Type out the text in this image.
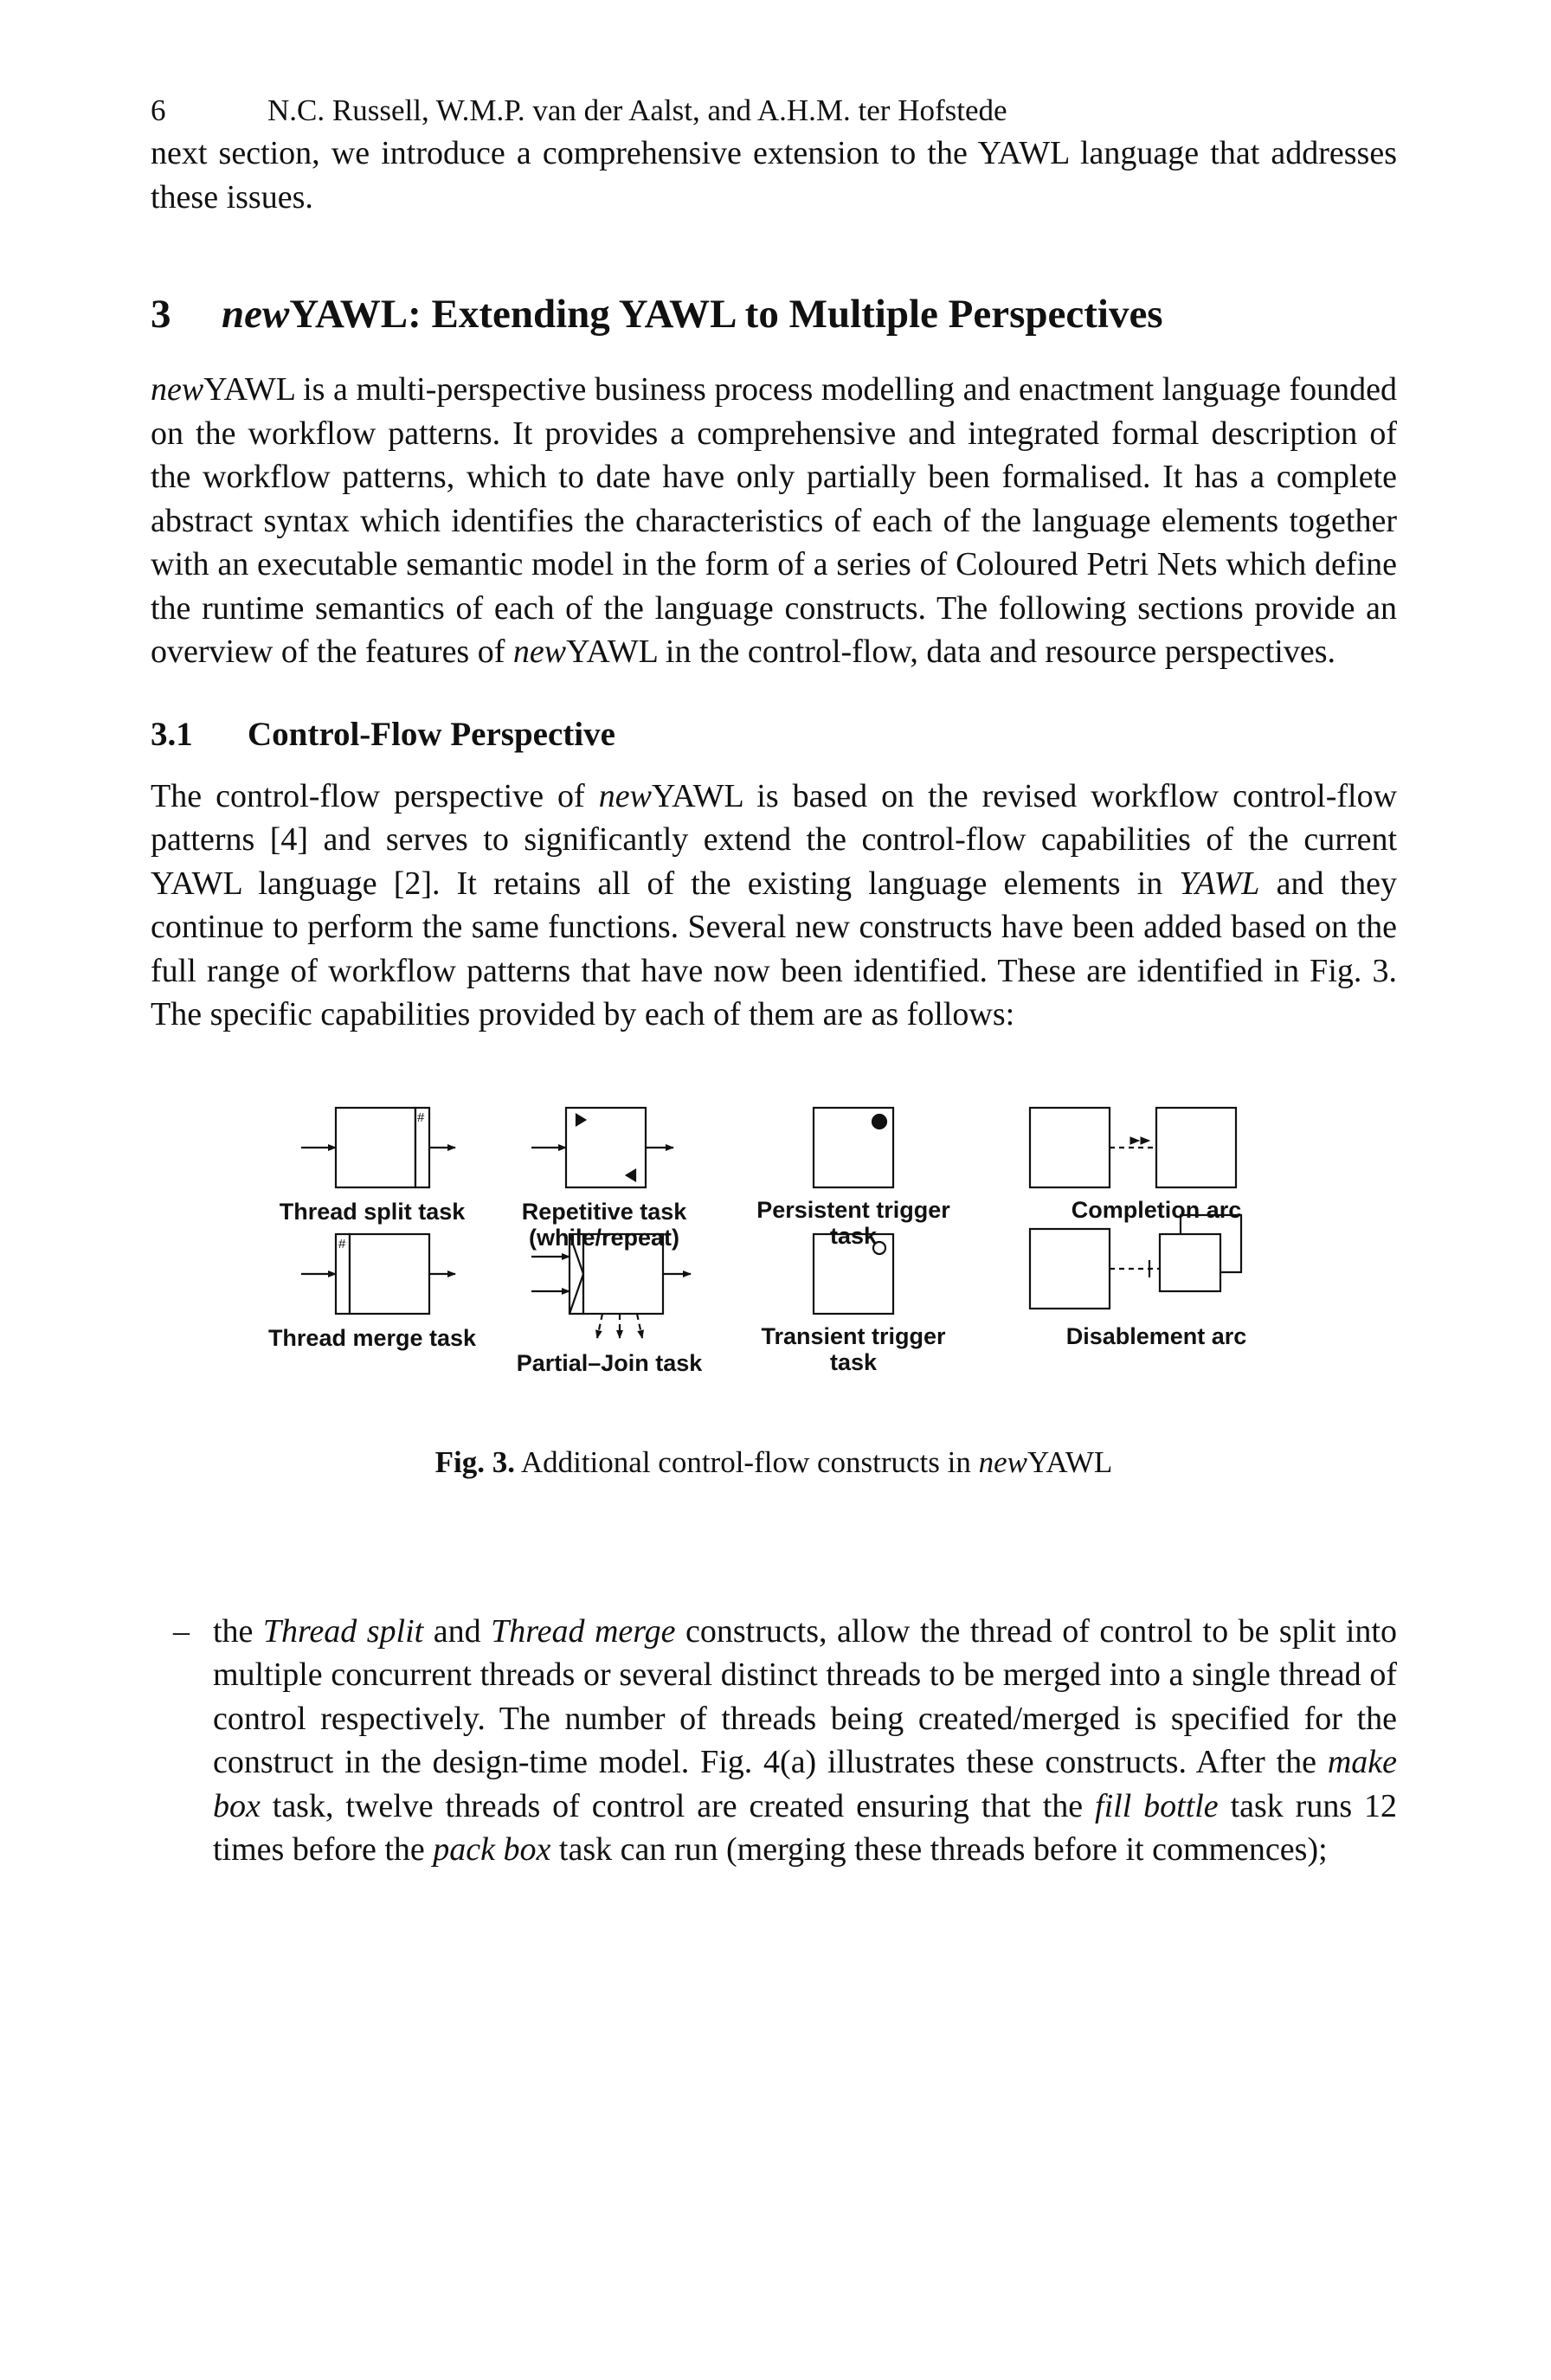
6	N.C. Russell, W.M.P. van der Aalst, and A.H.M. ter Hofstede

next section, we introduce a comprehensive extension to the YAWL language that addresses these issues.

3 newYAWL: Extending YAWL to Multiple Perspectives

newYAWL is a multi-perspective business process modelling and enactment language founded on the workflow patterns. It provides a comprehensive and integrated formal description of the workflow patterns, which to date have only partially been formalised. It has a complete abstract syntax which identifies the characteristics of each of the language elements together with an executable semantic model in the form of a series of Coloured Petri Nets which define the runtime semantics of each of the language constructs. The following sections provide an overview of the features of newYAWL in the control-flow, data and resource perspectives.

3.1 Control-Flow Perspective

The control-flow perspective of newYAWL is based on the revised workflow control-flow patterns [4] and serves to significantly extend the control-flow capabilities of the current YAWL language [2]. It retains all of the existing language elements in YAWL and they continue to perform the same functions. Several new constructs have been added based on the full range of workflow patterns that have now been identified. These are identified in Fig. 3. The specific capabilities provided by each of them are as follows:

#
#
Thread split task Repetitive task
(while/repeat)
Persistent trigger
task
Completion arc
Thread merge task
Partial–Join task
Transient trigger
task
Disablement arc
Fig. 3. Additional control-flow constructs in newYAWL
– the Thread split and Thread merge constructs, allow the thread of control to be split into multiple concurrent threads or several distinct threads to be merged into a single thread of control respectively. The number of threads being created/merged is specified for the construct in the design-time model. Fig. 4(a) illustrates these constructs. After the make box task, twelve threads of control are created ensuring that the fill bottle task runs 12 times before the pack box task can run (merging these threads before it commences);
